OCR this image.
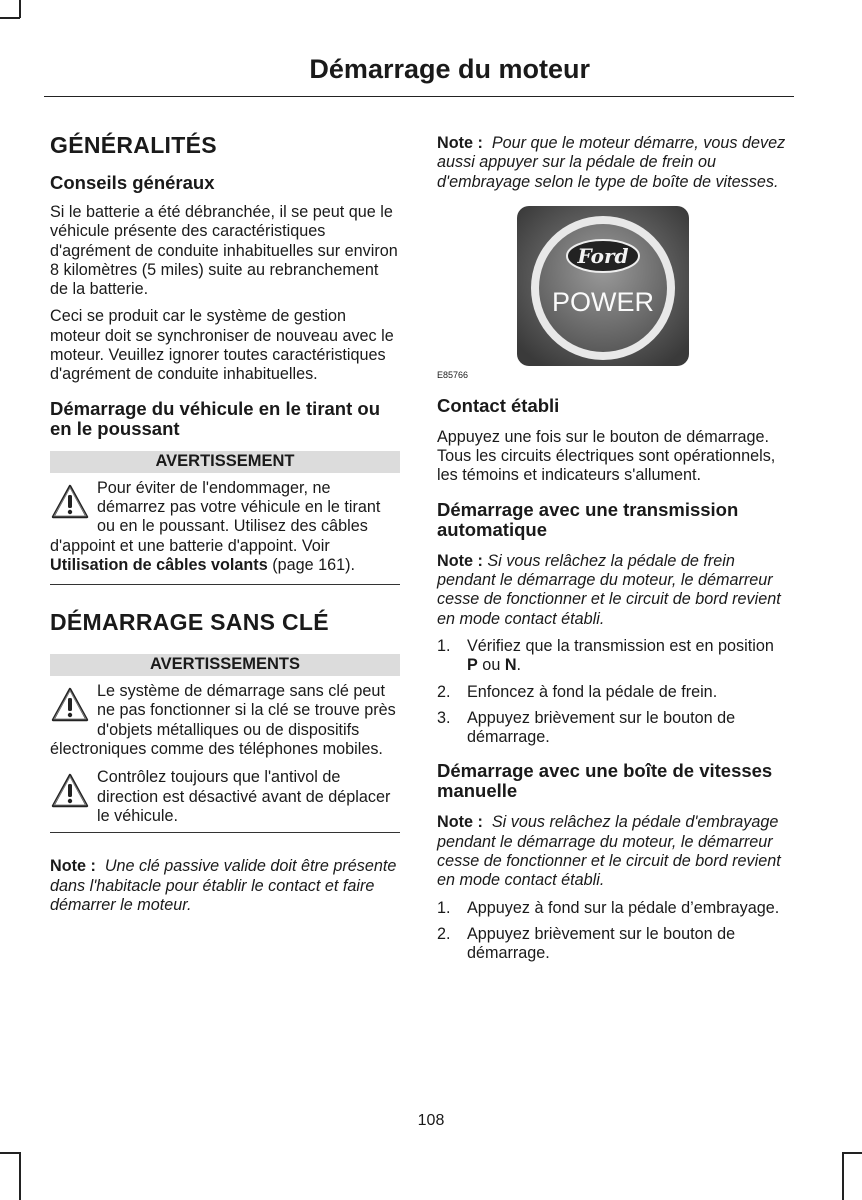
Démarrage du moteur
GÉNÉRALITÉS
Conseils généraux

Si le batterie a été débranchée, il se peut que le véhicule présente des caractéristiques d'agrément de conduite inhabituelles sur environ 8 kilomètres (5 miles) suite au rebranchement de la batterie.

Ceci se produit car le système de gestion moteur doit se synchroniser de nouveau avec le moteur. Veuillez ignorer toutes caractéristiques d'agrément de conduite inhabituelles.

Démarrage du véhicule en le tirant ou en le poussant
AVERTISSEMENT
Pour éviter de l'endommager, ne démarrez pas votre véhicule en le tirant ou en le poussant. Utilisez des câbles d'appoint et une batterie d'appoint. Voir Utilisation de câbles volants (page 161).
DÉMARRAGE SANS CLÉ
AVERTISSEMENTS
Le système de démarrage sans clé peut ne pas fonctionner si la clé se trouve près d'objets métalliques ou de dispositifs électroniques comme des téléphones mobiles.
Contrôlez toujours que l'antivol de direction est désactivé avant de déplacer le véhicule.

Note : Une clé passive valide doit être présente dans l'habitacle pour établir le contact et faire démarrer le moteur.

Note : Pour que le moteur démarre, vous devez aussi appuyer sur la pédale de frein ou d'embrayage selon le type de boîte de vitesses.

Ford
POWER
E85766
Contact établi

Appuyez une fois sur le bouton de démarrage. Tous les circuits électriques sont opérationnels, les témoins et indicateurs s'allument.

Démarrage avec une transmission automatique

Note : Si vous relâchez la pédale de frein pendant le démarrage du moteur, le démarreur cesse de fonctionner et le circuit de bord revient en mode contact établi.

1. Vérifiez que la transmission est en position P ou N.
2. Enfoncez à fond la pédale de frein.
3. Appuyez brièvement sur le bouton de démarrage.
Démarrage avec une boîte de vitesses manuelle

Note : Si vous relâchez la pédale d'embrayage pendant le démarrage du moteur, le démarreur cesse de fonctionner et le circuit de bord revient en mode contact établi.

1. Appuyez à fond sur la pédale d’embrayage.
2. Appuyez brièvement sur le bouton de démarrage.
108
